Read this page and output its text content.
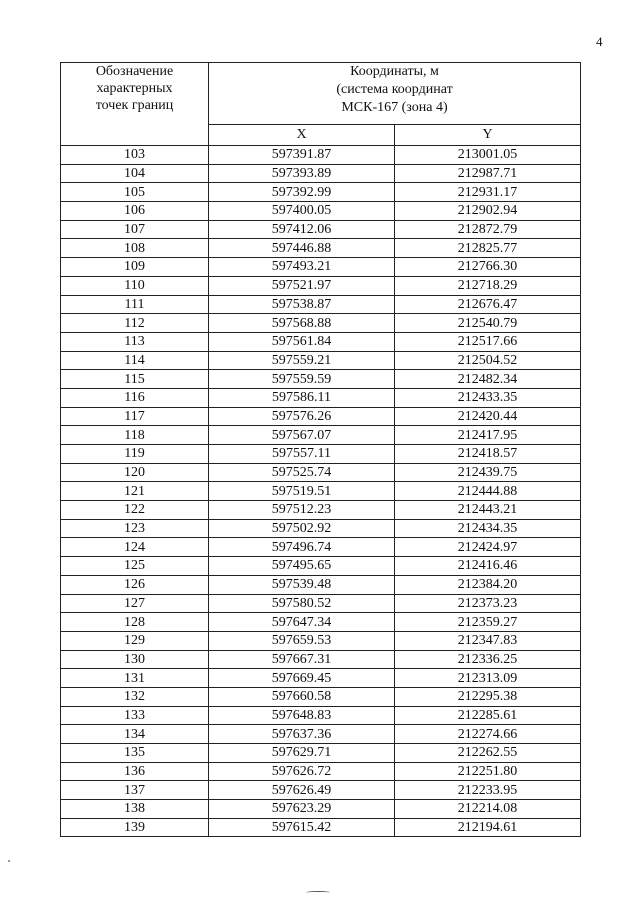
4
Обозначение
характерных
точек границ	Координаты, м
(система координат
МСК-167 (зона 4)	
	X	Y
103	597391.87	213001.05
104	597393.89	212987.71
105	597392.99	212931.17
106	597400.05	212902.94
107	597412.06	212872.79
108	597446.88	212825.77
109	597493.21	212766.30
110	597521.97	212718.29
111	597538.87	212676.47
112	597568.88	212540.79
113	597561.84	212517.66
114	597559.21	212504.52
115	597559.59	212482.34
116	597586.11	212433.35
117	597576.26	212420.44
118	597567.07	212417.95
119	597557.11	212418.57
120	597525.74	212439.75
121	597519.51	212444.88
122	597512.23	212443.21
123	597502.92	212434.35
124	597496.74	212424.97
125	597495.65	212416.46
126	597539.48	212384.20
127	597580.52	212373.23
128	597647.34	212359.27
129	597659.53	212347.83
130	597667.31	212336.25
131	597669.45	212313.09
132	597660.58	212295.38
133	597648.83	212285.61
134	597637.36	212274.66
135	597629.71	212262.55
136	597626.72	212251.80
137	597626.49	212233.95
138	597623.29	212214.08
139	597615.42	212194.61
